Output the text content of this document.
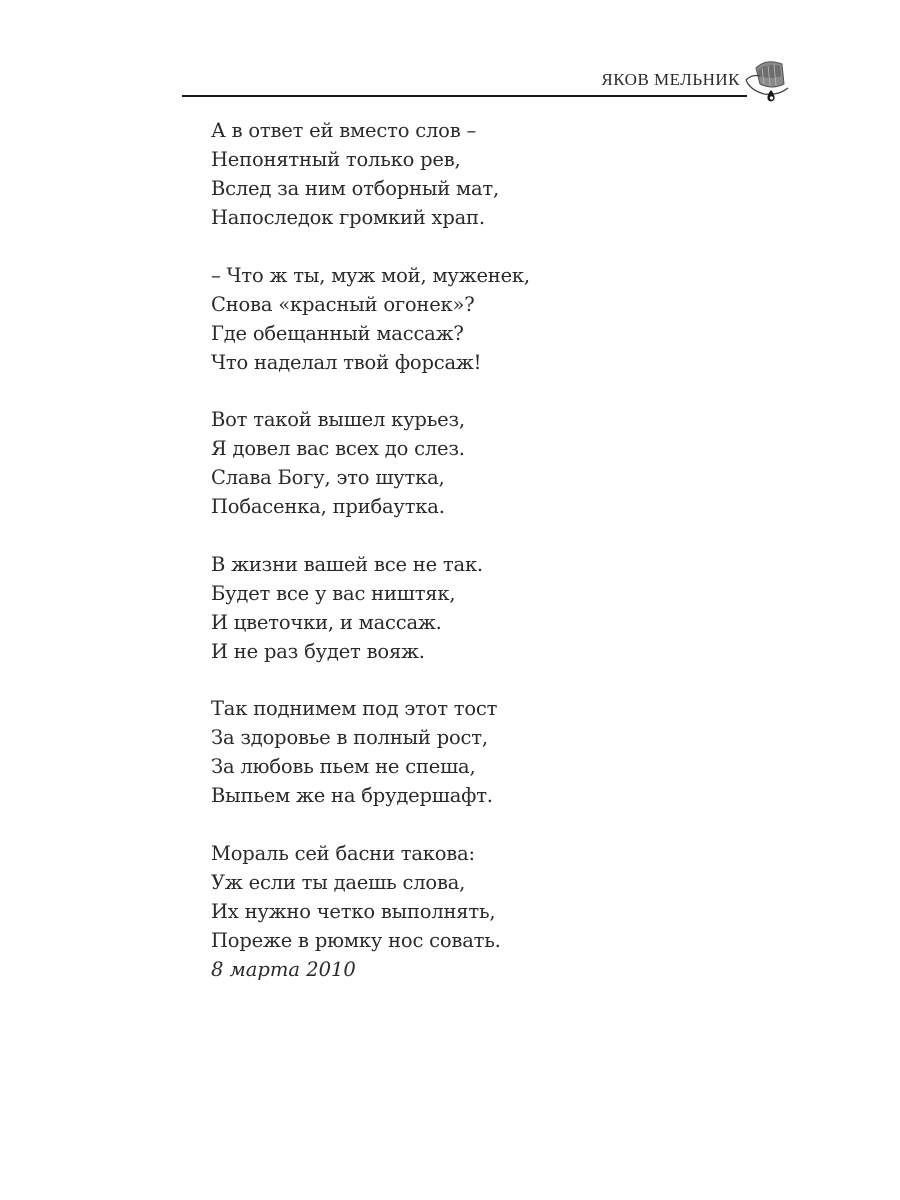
ЯКОВ МЕЛЬНИК
А в ответ ей вместо слов –
Непонятный только рев,
Вслед за ним отборный мат,
Напоследок громкий храп.
– Что ж ты, муж мой, муженек,
Снова «красный огонек»?
Где обещанный массаж?
Что наделал твой форсаж!
Вот такой вышел курьез,
Я довел вас всех до слез.
Слава Богу, это шутка,
Побасенка, прибаутка.
В жизни вашей все не так.
Будет все у вас ништяк,
И цветочки, и массаж.
И не раз будет вояж.
Так поднимем под этот тост
За здоровье в полный рост,
За любовь пьем не спеша,
Выпьем же на брудершафт.
Мораль сей басни такова:
Уж если ты даешь слова,
Их нужно четко выполнять,
Пореже в рюмку нос совать.
8 марта 2010
